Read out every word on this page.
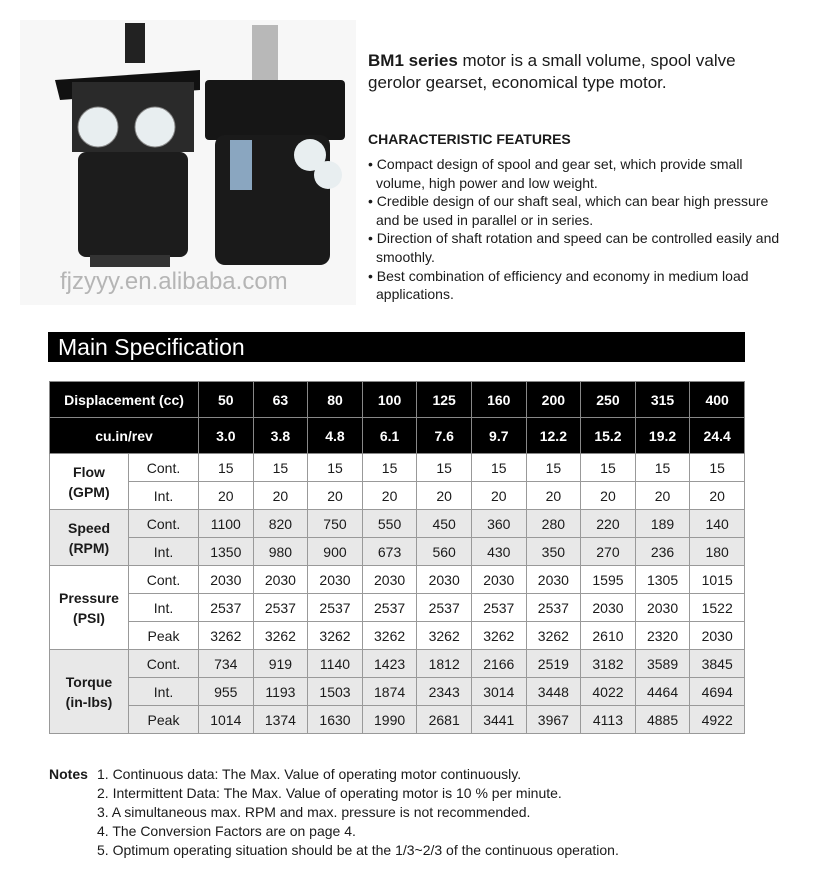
BM1 series motor is a small volume, spool valve gerolor gearset, economical type motor.
CHARACTERISTIC FEATURES
• Compact design of spool and gear set, which provide small volume, high power and low weight.
• Credible design of our shaft seal, which can bear high pressure and be used in parallel or in series.
• Direction of shaft rotation and speed can be controlled easily and smoothly.
• Best combination of efficiency and economy in medium load applications.
Main Specification
Displacement (cc)		50	63	80	100	125	160	200	250	315	400
cu.in/rev		3.0	3.8	4.8	6.1	7.6	9.7	12.2	15.2	19.2	24.4
Flow
(GPM)	Cont.	15	15	15	15	15	15	15	15	15	15
	Int.	20	20	20	20	20	20	20	20	20	20
Speed
(RPM)	Cont.	1100	820	750	550	450	360	280	220	189	140
	Int.	1350	980	900	673	560	430	350	270	236	180
Pressure
(PSI)	Cont.	2030	2030	2030	2030	2030	2030	2030	1595	1305	1015
	Int.	2537	2537	2537	2537	2537	2537	2537	2030	2030	1522
	Peak	3262	3262	3262	3262	3262	3262	3262	2610	2320	2030
Torque
(in-lbs)	Cont.	734	919	1140	1423	1812	2166	2519	3182	3589	3845
	Int.	955	1193	1503	1874	2343	3014	3448	4022	4464	4694
	Peak	1014	1374	1630	1990	2681	3441	3967	4113	4885	4922
fjzyyy.en.alibaba.com
Notes 1. Continuous data: The Max. Value of operating motor continuously.
2. Intermittent Data: The Max. Value of operating motor is 10 % per minute.
3. A simultaneous max. RPM and max. pressure is not recommended.
4. The Conversion Factors are on page 4.
5. Optimum operating situation should be at the 1/3~2/3 of the continuous operation.
